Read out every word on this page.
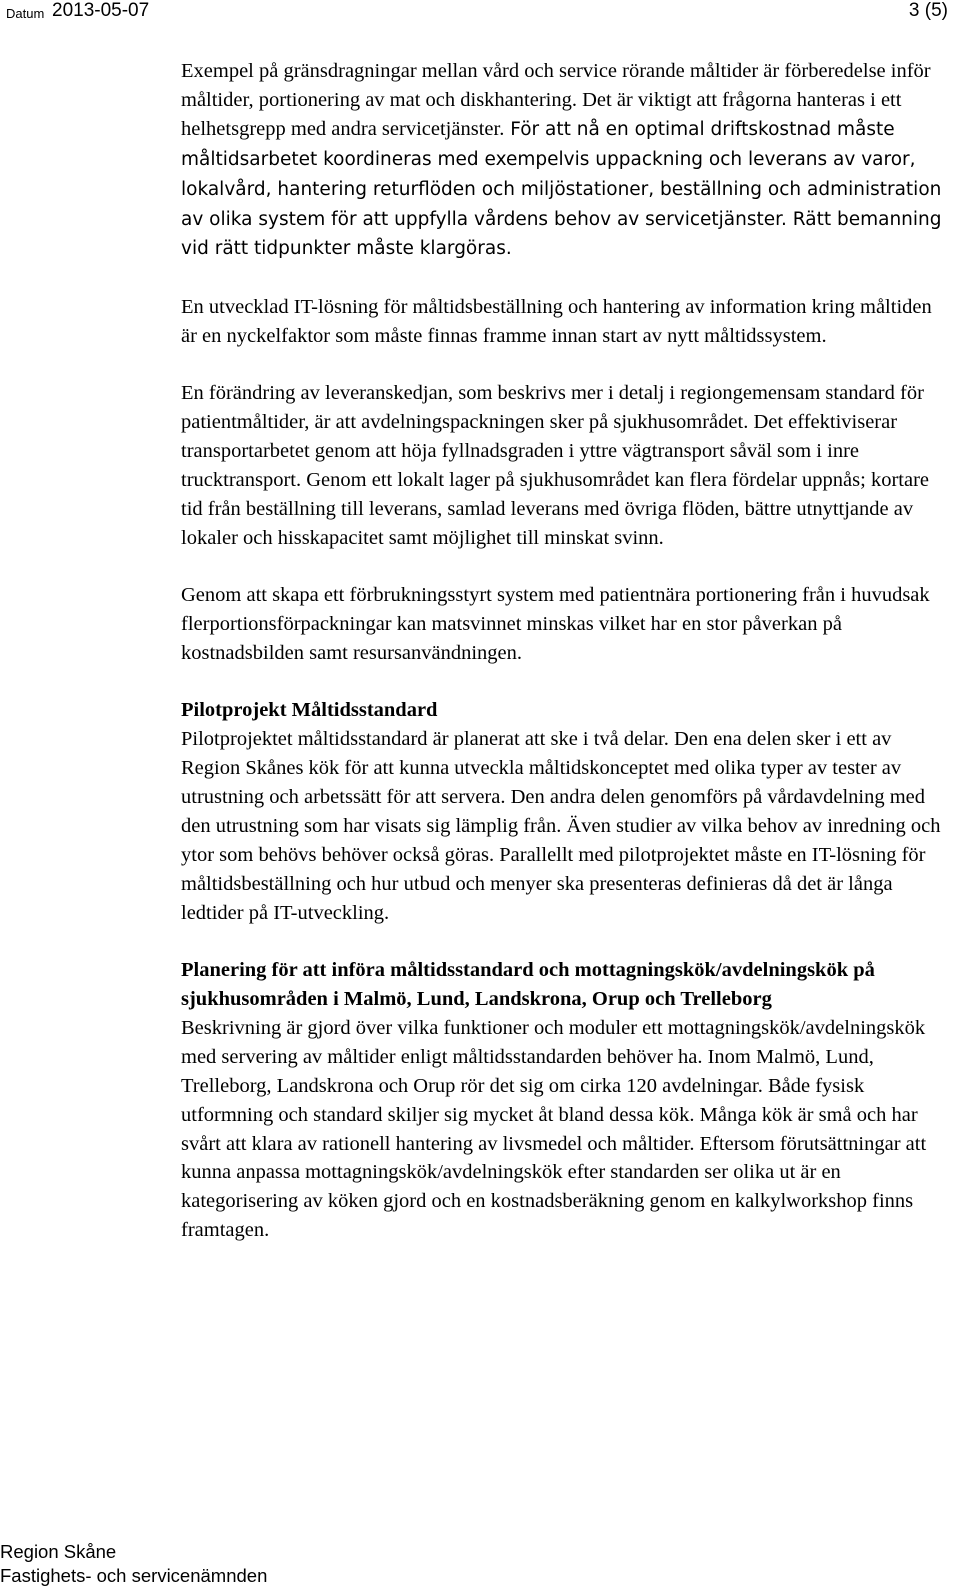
Datum 2013-05-07	3 (5)

Exempel på gränsdragningar mellan vård och service rörande måltider är förberedelse inför måltider, portionering av mat och diskhantering. Det är viktigt att frågorna hanteras i ett helhetsgrepp med andra servicetjänster. För att nå en optimal driftskostnad måste måltidsarbetet koordineras med exempelvis uppackning och leverans av varor, lokalvård, hantering returflöden och miljöstationer, beställning och administration av olika system för att uppfylla vårdens behov av servicetjänster. Rätt bemanning vid rätt tidpunkter måste klargöras.

En utvecklad IT-lösning för måltidsbeställning och hantering av information kring måltiden är en nyckelfaktor som måste finnas framme innan start av nytt måltidssystem.

En förändring av leveranskedjan, som beskrivs mer i detalj i regiongemensam standard för patientmåltider, är att avdelningspackningen sker på sjukhusområdet. Det effektiviserar transportarbetet genom att höja fyllnadsgraden i yttre vägtransport såväl som i inre trucktransport. Genom ett lokalt lager på sjukhusområdet kan flera fördelar uppnås; kortare tid från beställning till leverans, samlad leverans med övriga flöden, bättre utnyttjande av lokaler och hisskapacitet samt möjlighet till minskat svinn.

Genom att skapa ett förbrukningsstyrt system med patientnära portionering från i huvudsak flerportionsförpackningar kan matsvinnet minskas vilket har en stor påverkan på kostnadsbilden samt resursanvändningen.

Pilotprojekt Måltidsstandard

Pilotprojektet måltidsstandard är planerat att ske i två delar. Den ena delen sker i ett av Region Skånes kök för att kunna utveckla måltidskonceptet med olika typer av tester av utrustning och arbetssätt för att servera. Den andra delen genomförs på vårdavdelning med den utrustning som har visats sig lämplig från. Även studier av vilka behov av inredning och ytor som behövs behöver också göras. Parallellt med pilotprojektet måste en IT-lösning för måltidsbeställning och hur utbud och menyer ska presenteras definieras då det är långa ledtider på IT-utveckling.

Planering för att införa måltidsstandard och mottagningskök/avdelningskök på sjukhusområden i Malmö, Lund, Landskrona, Orup och Trelleborg

Beskrivning är gjord över vilka funktioner och moduler ett mottagningskök/avdelningskök med servering av måltider enligt måltidsstandarden behöver ha. Inom Malmö, Lund, Trelleborg, Landskrona och Orup rör det sig om cirka 120 avdelningar. Både fysisk utformning och standard skiljer sig mycket åt bland dessa kök. Många kök är små och har svårt att klara av rationell hantering av livsmedel och måltider. Eftersom förutsättningar att kunna anpassa mottagningskök/avdelningskök efter standarden ser olika ut är en kategorisering av köken gjord och en kostnadsberäkning genom en kalkylworkshop finns framtagen.

Region Skåne
Fastighets- och servicenämnden
